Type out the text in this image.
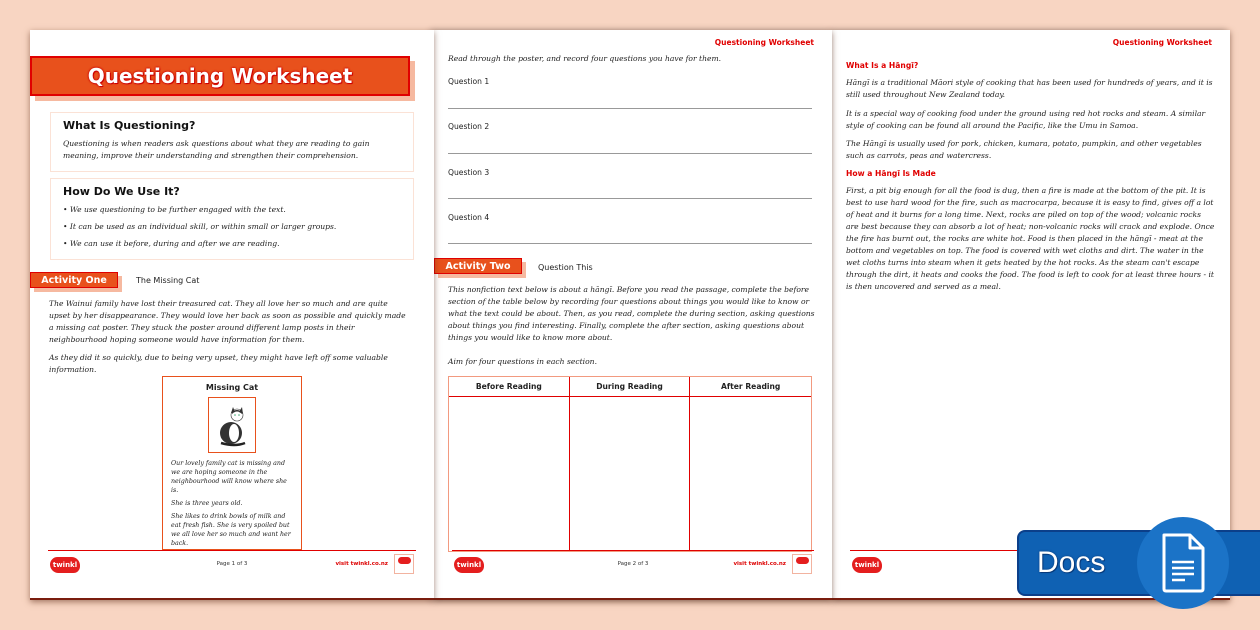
Questioning Worksheet
What Is Questioning?

Questioning is when readers ask questions about what they are reading to gain meaning, improve their understanding and strengthen their comprehension.

How Do We Use It?
• We use questioning to be further engaged with the text.
• It can be used as an individual skill, or within small or larger groups.
• We can use it before, during and after we are reading.
Activity One	The Missing Cat

The Wainui family have lost their treasured cat. They all love her so much and are quite upset by her disappearance. They would love her back as soon as possible and quickly made a missing cat poster. They stuck the poster around different lamp posts in their neighbourhood hoping someone would have information for them.

As they did it so quickly, due to being very upset, they might have left off some valuable information.

Missing Cat

Our lovely family cat is missing and we are hoping someone in the neighbourhood will know where she is.

She is three years old.

She likes to drink bowls of milk and eat fresh fish. She is very spoiled but we all love her so much and want her back.

twinkl	Page 1 of 3	visit twinkl.co.nz
Questioning Worksheet

Read through the poster, and record four questions you have for them.

Question 1
Question 2
Question 3
Question 4
Activity Two	Question This

This nonfiction text below is about a hāngī. Before you read the passage, complete the before section of the table below by recording four questions about things you would like to know or what the text could be about. Then, as you read, complete the during section, asking questions about things you find interesting. Finally, complete the after section, asking questions about things you would like to know more about.

Aim for four questions in each section.

Before Reading	During Reading	After Reading
twinkl	Page 2 of 3	visit twinkl.co.nz
Questioning Worksheet
What Is a Hāngī?

Hāngī is a traditional Māori style of cooking that has been used for hundreds of years, and it is still used throughout New Zealand today.

It is a special way of cooking food under the ground using red hot rocks and steam. A similar style of cooking can be found all around the Pacific, like the Umu in Samoa.

The Hāngī is usually used for pork, chicken, kumara, potato, pumpkin, and other vegetables such as carrots, peas and watercress.

How a Hāngī Is Made

First, a pit big enough for all the food is dug, then a fire is made at the bottom of the pit. It is best to use hard wood for the fire, such as macrocarpa, because it is easy to find, gives off a lot of heat and it burns for a long time. Next, rocks are piled on top of the wood; volcanic rocks are best because they can absorb a lot of heat; non-volcanic rocks will crack and explode. Once the fire has burnt out, the rocks are white hot. Food is then placed in the hāngī - meat at the bottom and vegetables on top. The food is covered with wet cloths and dirt. The water in the wet cloths turns into steam when it gets heated by the hot rocks. As the steam can't escape through the dirt, it heats and cooks the food. The food is left to cook for at least three hours - it is then uncovered and served as a meal.

twinkl	Docs
